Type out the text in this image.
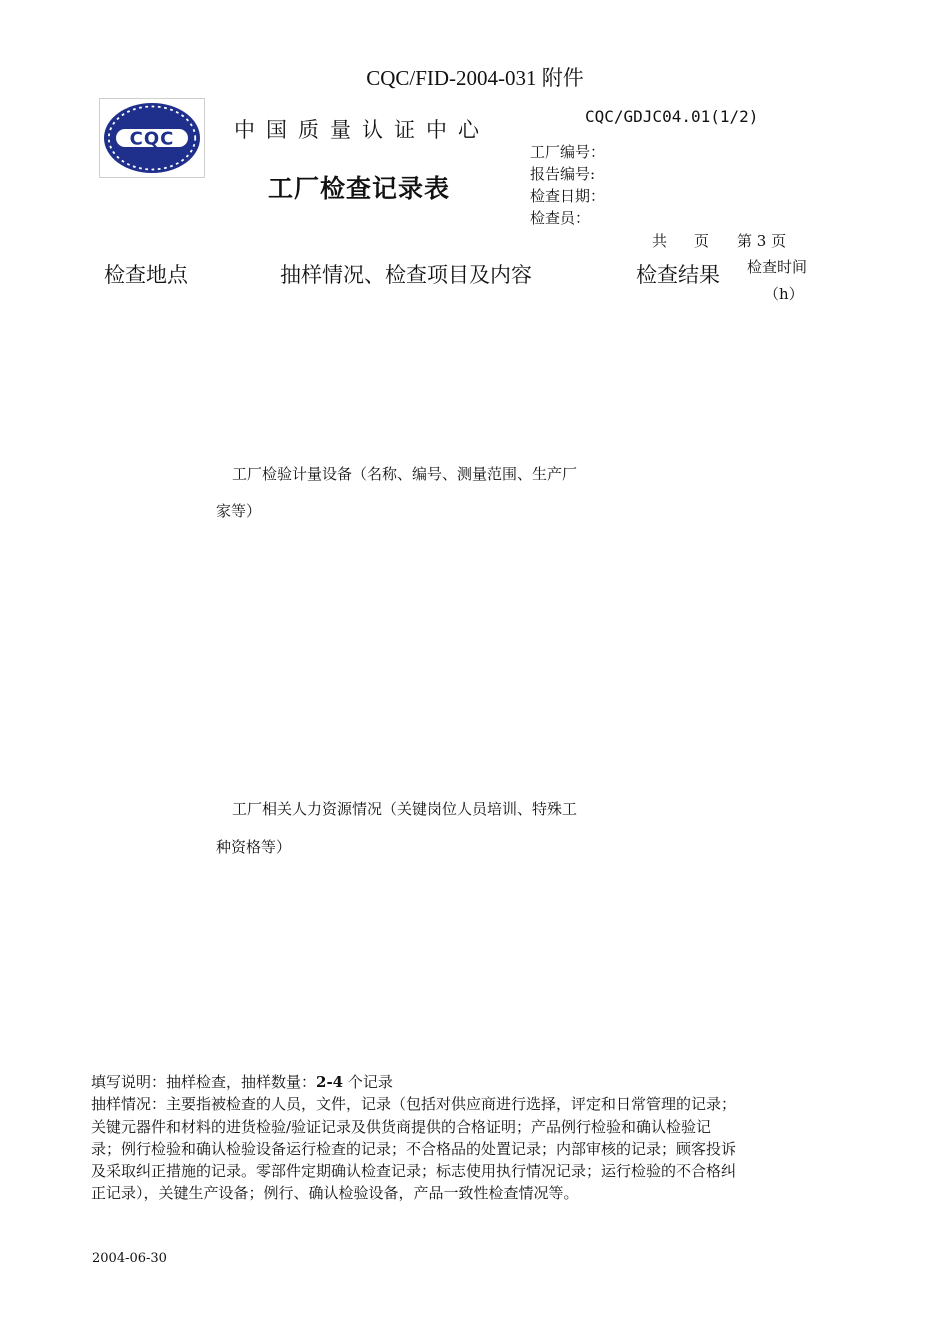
CQC/FID-2004-031 附件
CQC	中国质量认证中心
CQC/GDJC04.01(1/2)
工厂检查记录表
工厂编号：
报告编号:
检查日期：
检查员：
共 页 第 3 页
检查地点	抽样情况、检查项目及内容	检查结果 检查时间
（h）
工厂检验计量设备（名称、编号、测量范围、生产厂
家等）
工厂相关人力资源情况（关键岗位人员培训、特殊工
种资格等）

填写说明：抽样检查，抽样数量：2-4 个记录

抽样情况：主要指被检查的人员，文件，记录（包括对供应商进行选择，评定和日常管理的记录；

关键元器件和材料的进货检验/验证记录及供货商提供的合格证明；产品例行检验和确认检验记

录；例行检验和确认检验设备运行检查的记录；不合格品的处置记录；内部审核的记录；顾客投诉

及采取纠正措施的记录。零部件定期确认检查记录；标志使用执行情况记录；运行检验的不合格纠

正记录），关键生产设备；例行、确认检验设备，产品一致性检查情况等。

2004-06-30
